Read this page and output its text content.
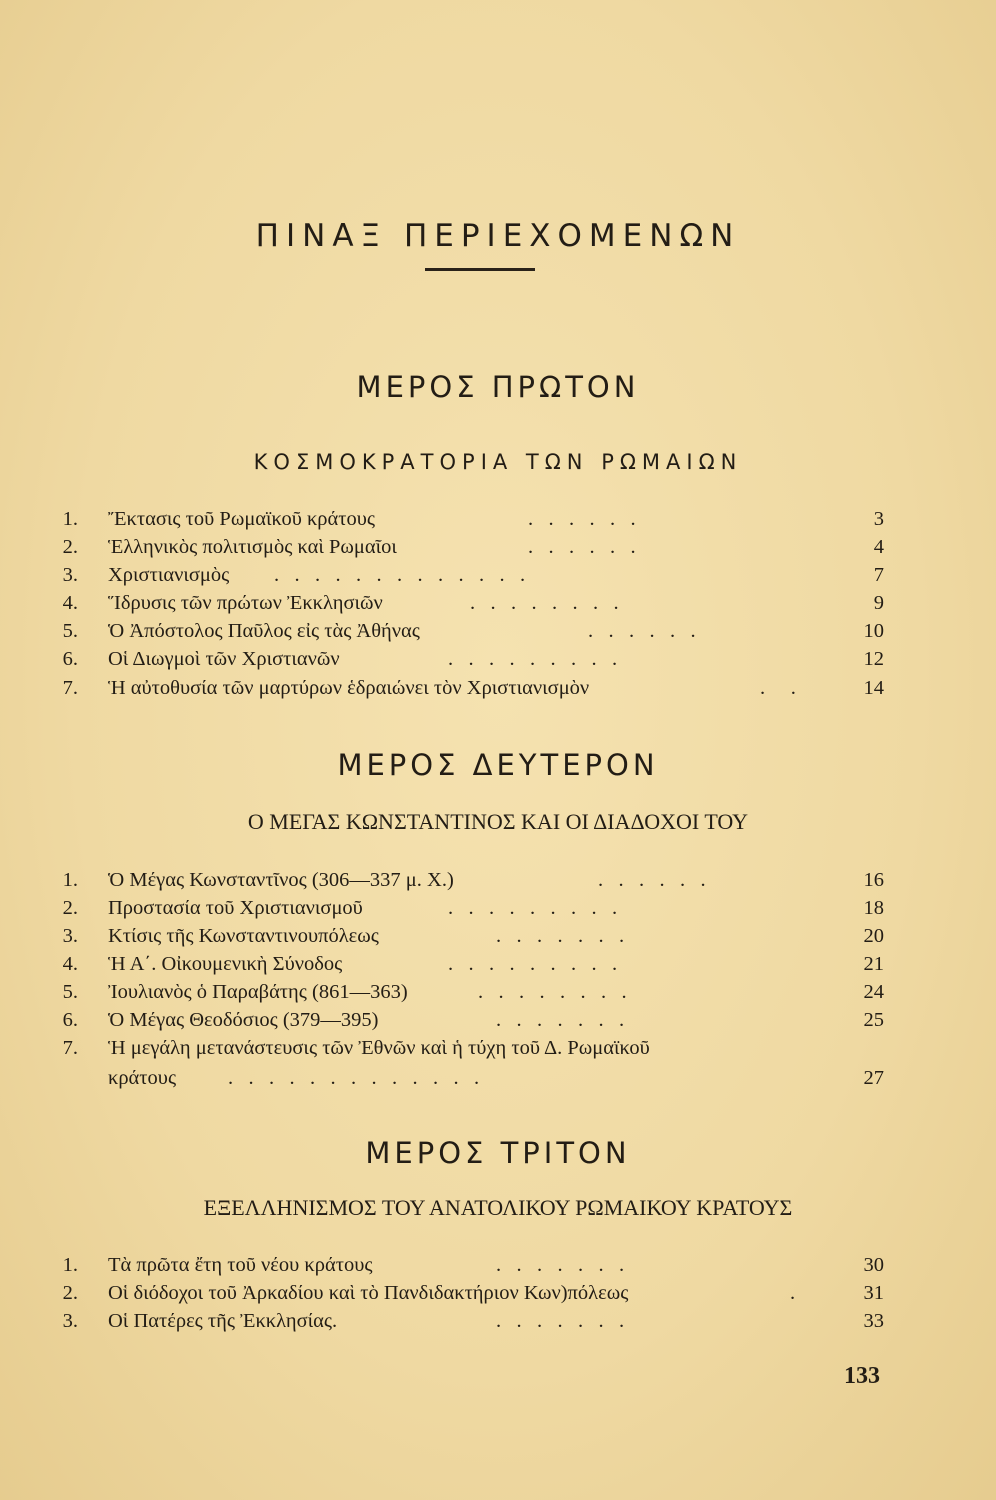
ΠΙΝΑΞ ΠΕΡΙΕΧΟΜΕΝΩΝ
ΜΕΡΟΣ ΠΡΩΤΟΝ
ΚΟΣΜΟΚΡΑΤΟΡΙΑ ΤΩΝ ΡΩΜΑΙΩΝ
1. Ἔκτασις τοῦ Ρωμαϊκοῦ κράτους	.   .   .   .   .   .	3
2. Ἑλληνικὸς πολιτισμὸς καὶ Ρωμαῖοι	.   .   .   .   .   .	4
3. Χριστιανισμὸς .   .   .   .   .   .   .   .   .   .   .   .   .	7
4. Ἵδρυσις τῶν πρώτων Ἐκκλησιῶν	.   .   .   .   .   .   .   .	9
5. Ὁ Ἀπόστολος Παῦλος εἰς τὰς Ἀθήνας	.   .   .   .   .   .	10
6. Οἱ Διωγμοὶ τῶν Χριστιανῶν	.   .   .   .   .   .   .   .   .	12
7. Ἡ αὐτοθυσία τῶν μαρτύρων ἑδραιώνει τὸν Χριστιανισμὸν	.     .	14
ΜΕΡΟΣ ΔΕΥΤΕΡΟΝ
Ο ΜΕΓΑΣ ΚΩΝΣΤΑΝΤΙΝΟΣ ΚΑΙ ΟΙ ΔΙΑΔΟΧΟΙ ΤΟΥ
1. Ὁ Μέγας Κωνσταντῖνος (306—337 μ. Χ.)	.   .   .   .   .   .	16
2. Προστασία τοῦ Χριστιανισμοῦ	.   .   .   .   .   .   .   .   .	18
3. Κτίσις τῆς Κωνσταντινουπόλεως	.   .   .   .   .   .   .	20
4. Ἡ Α΄. Οἰκουμενικὴ Σύνοδος	.   .   .   .   .   .   .   .   .	21
5. Ἰουλιανὸς ὁ Παραβάτης (861—363)	.   .   .   .   .   .   .   .	24
6. Ὁ Μέγας Θεοδόσιος (379—395)	.   .   .   .   .   .   .	25
7. Ἡ μεγάλη μετανάστευσις τῶν Ἐθνῶν καὶ ἡ τύχη τοῦ Δ. Ρωμαϊκοῦ
κράτους	.   .   .   .   .   .   .   .   .   .   .   .   .	27
ΜΕΡΟΣ ΤΡΙΤΟΝ
ΕΞΕΛΛΗΝΙΣΜΟΣ ΤΟΥ ΑΝΑΤΟΛΙΚΟΥ ΡΩΜΑΙΚΟΥ ΚΡΑΤΟΥΣ
1. Τὰ πρῶτα ἔτη τοῦ νέου κράτους	.   .   .   .   .   .   .	30
2. Οἱ διόδοχοι τοῦ Ἀρκαδίου καὶ τὸ Πανδιδακτήριον Κων)πόλεως	.	31
3. Οἱ Πατέρες τῆς Ἐκκλησίας.	.   .   .   .   .   .   .	33
133
